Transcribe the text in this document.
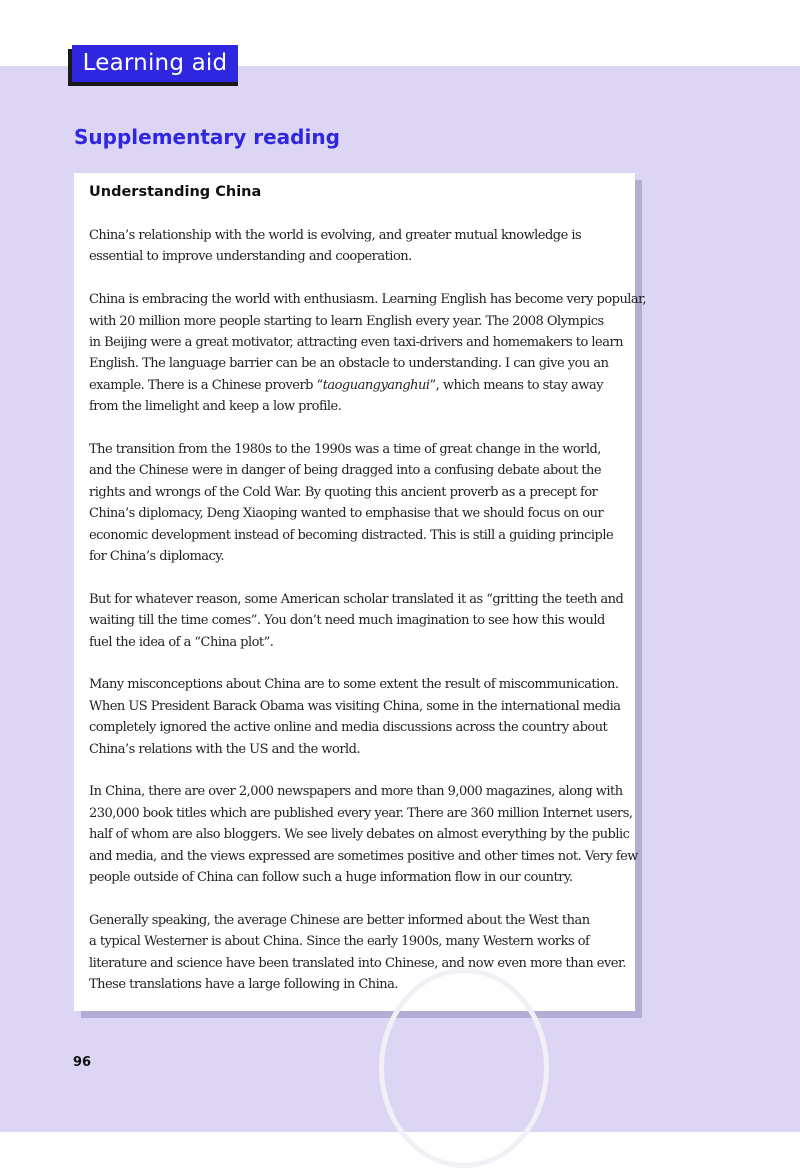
Learning aid
Supplementary reading
Understanding China
China’s relationship with the world is evolving, and greater mutual knowledge is
essential to improve understanding and cooperation.
China is embracing the world with enthusiasm. Learning English has become very popular,
with 20 million more people starting to learn English every year. The 2008 Olympics
in Beijing were a great motivator, attracting even taxi-drivers and homemakers to learn
English. The language barrier can be an obstacle to understanding. I can give you an
example. There is a Chinese proverb “taoguangyanghui”, which means to stay away
from the limelight and keep a low profile.
The transition from the 1980s to the 1990s was a time of great change in the world,
and the Chinese were in danger of being dragged into a confusing debate about the
rights and wrongs of the Cold War. By quoting this ancient proverb as a precept for
China’s diplomacy, Deng Xiaoping wanted to emphasise that we should focus on our
economic development instead of becoming distracted. This is still a guiding principle
for China’s diplomacy.
But for whatever reason, some American scholar translated it as “gritting the teeth and
waiting till the time comes”. You don’t need much imagination to see how this would
fuel the idea of a “China plot”.
Many misconceptions about China are to some extent the result of miscommunication.
When US President Barack Obama was visiting China, some in the international media
completely ignored the active online and media discussions across the country about
China’s relations with the US and the world.
In China, there are over 2,000 newspapers and more than 9,000 magazines, along with
230,000 book titles which are published every year. There are 360 million Internet users,
half of whom are also bloggers. We see lively debates on almost everything by the public
and media, and the views expressed are sometimes positive and other times not. Very few
people outside of China can follow such a huge information flow in our country.
Generally speaking, the average Chinese are better informed about the West than
a typical Westerner is about China. Since the early 1900s, many Western works of
literature and science have been translated into Chinese, and now even more than ever.
These translations have a large following in China.
96
